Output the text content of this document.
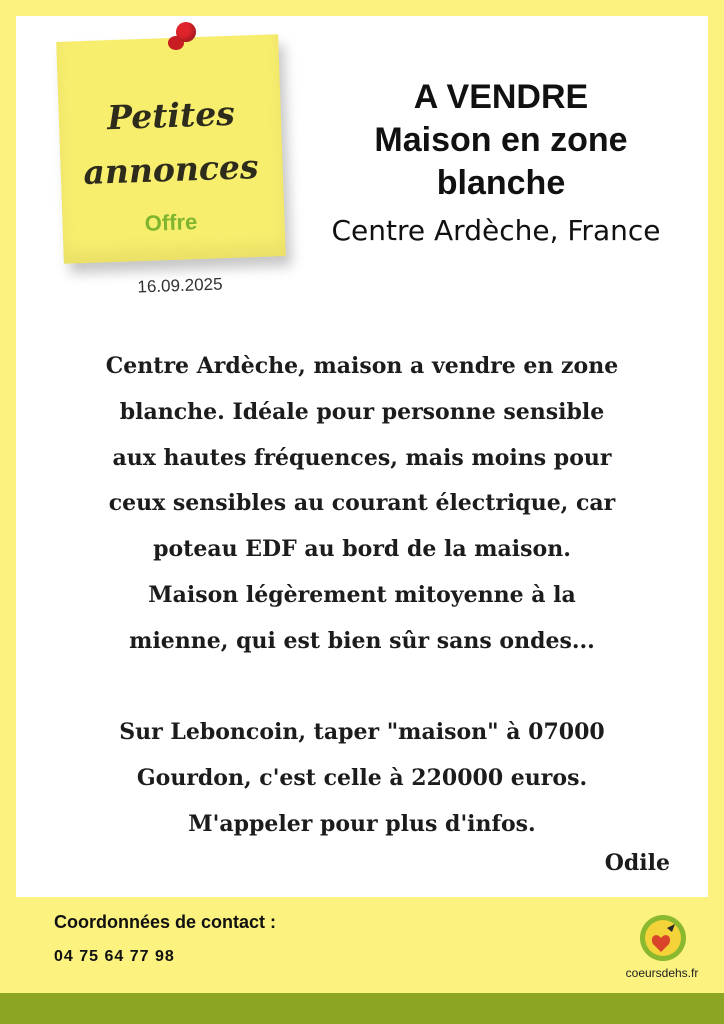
Petites
annonces
Offre
16.09.2025
A VENDRE
Maison en zone
blanche
Centre Ardèche, France
Centre Ardèche, maison a vendre en zone
blanche. Idéale pour personne sensible
aux hautes fréquences, mais moins pour
ceux sensibles au courant électrique, car
poteau EDF au bord de la maison.
Maison légèrement mitoyenne à la
mienne, qui est bien sûr sans ondes...
Sur Leboncoin, taper "maison" à 07000
Gourdon, c'est celle à 220000 euros.
M'appeler pour plus d'infos.
Odile
Coordonnées de contact :
04 75 64 77 98
coeursdehs.fr
